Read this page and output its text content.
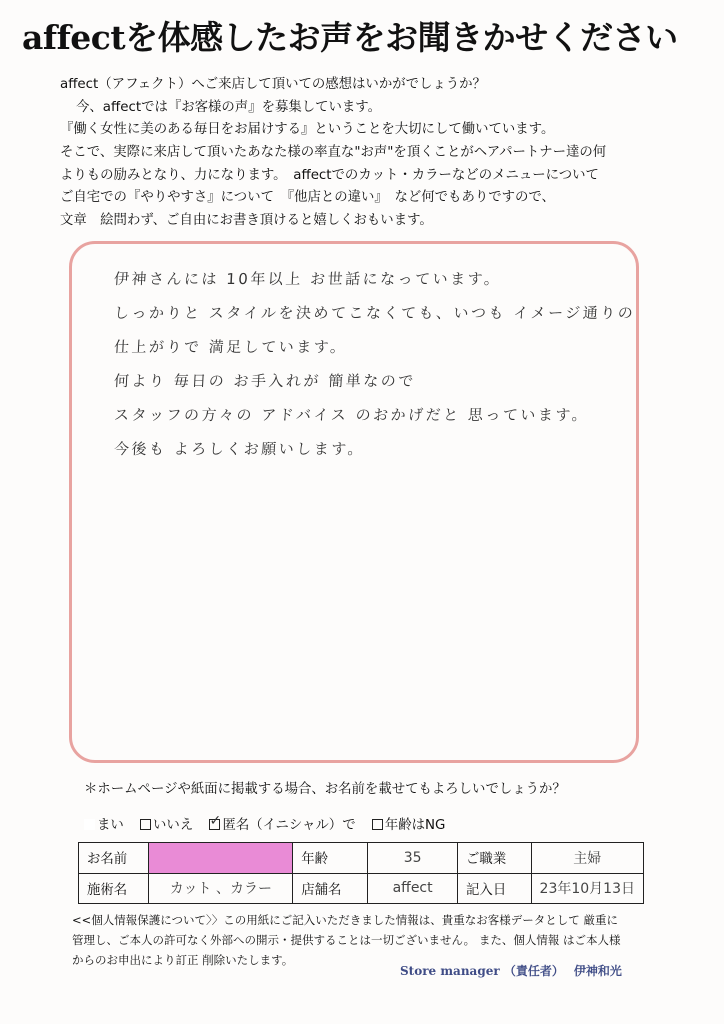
affectを体感したお声をお聞きかせください
affect（アフェクト）へご来店して頂いての感想はいかがでしょうか？
今、affectでは『お客様の声』を募集しています。
『働く女性に美のある毎日をお届けする』ということを大切にして働いています。
そこで、実際に来店して頂いたあなた様の率直な"お声"を頂くことがヘアパートナー達の何
よりもの励みとなり、力になります。　affectでのカット・カラーなどのメニューについて
ご自宅での『やりやすさ』について　『他店との違い』　など何でもありですので、
文章　絵問わず、ご自由にお書き頂けると嬉しくおもいます。
伊神さんには 10年以上 お世話になっています。
しっかりと スタイルを決めてこなくても、いつも イメージ通りの
仕上がりで 満足しています。
何より 毎日の お手入れが 簡単なので
スタッフの方々の アドバイス のおかげだと 思っています。
今後も よろしくお願いします。
＊ホームページや紙面に掲載する場合、お名前を載せてもよろしいでしょうか？
まい いいえ ✓ 匿名（イニシャル）で 年齢はNG
お名前		年齢	35	ご職業	主婦
施術名	カット 、カラー	店舗名	affect	記入日	23年10月13日
<<個人情報保護について〉〉この用紙にご記入いただきました情報は、貴重なお客様データとして 厳重に
管理し、ご本人の許可なく外部への開示・提供することは一切ございません。 また、個人情報 はご本人様
からのお申出により訂正 削除いたします。
Store manager （責任者） 伊神和光
